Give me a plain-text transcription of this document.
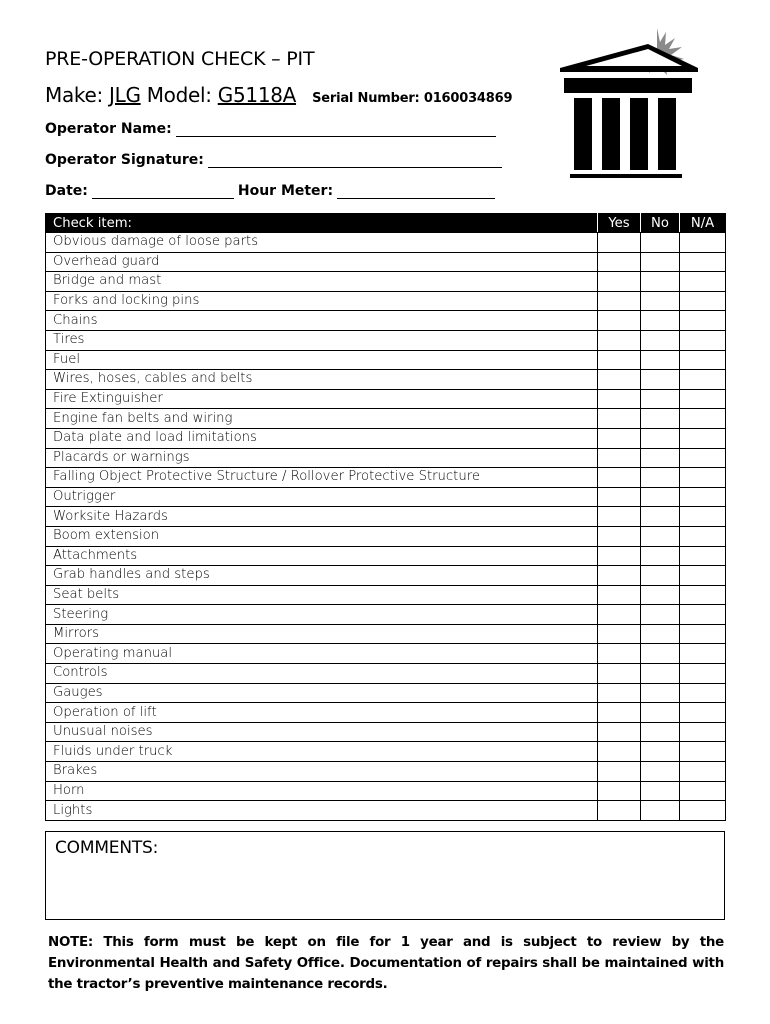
PRE-OPERATION CHECK – PIT
Make: JLG Model: G5118A Serial Number: 0160034869
Operator Name:
Operator Signature:
Date:	Hour Meter:
Check item:	Yes	No	N/A
Obvious damage of loose parts			
Overhead guard			
Bridge and mast			
Forks and locking pins			
Chains			
Tires			
Fuel			
Wires, hoses, cables and belts			
Fire Extinguisher			
Engine fan belts and wiring			
Data plate and load limitations			
Placards or warnings			
Falling Object Protective Structure / Rollover Protective Structure			
Outrigger			
Worksite Hazards			
Boom extension			
Attachments			
Grab handles and steps			
Seat belts			
Steering			
Mirrors			
Operating manual			
Controls			
Gauges			
Operation of lift			
Unusual noises			
Fluids under truck			
Brakes			
Horn			
Lights			
COMMENTS:
NOTE: This form must be kept on file for 1 year and is subject to review by the Environmental Health and Safety Office. Documentation of repairs shall be maintained with the tractor’s preventive maintenance records.
